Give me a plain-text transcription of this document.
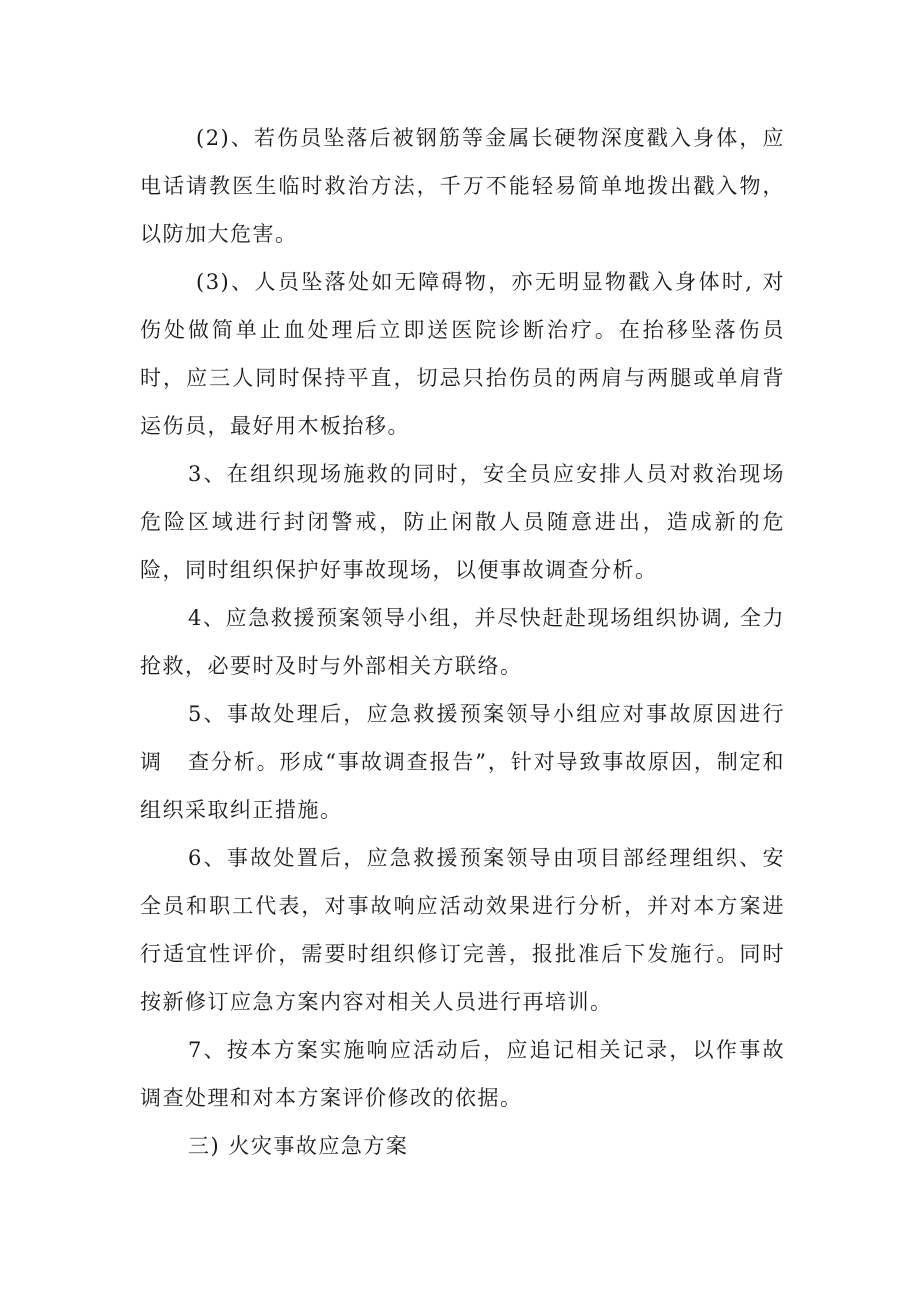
(2)、若伤员坠落后被钢筋等金属长硬物深度戳入身体，应电话请教医生临时救治方法，千万不能轻易简单地拨出戳入物，以防加大危害。

(3)、人员坠落处如无障碍物，亦无明显物戳入身体时, 对伤处做简单止血处理后立即送医院诊断治疗。在抬移坠落伤员时，应三人同时保持平直，切忌只抬伤员的两肩与两腿或单肩背运伤员，最好用木板抬移。

3、在组织现场施救的同时，安全员应安排人员对救治现场危险区域进行封闭警戒，防止闲散人员随意进出，造成新的危险，同时组织保护好事故现场，以便事故调查分析。

4、应急救援预案领导小组，并尽快赶赴现场组织协调, 全力抢救，必要时及时与外部相关方联络。

5、事故处理后，应急救援预案领导小组应对事故原因进行调	查分析。形成“事故调查报告”，针对导致事故原因，制定和组织采取纠正措施。

6、事故处置后，应急救援预案领导由项目部经理组织、安全员和职工代表，对事故响应活动效果进行分析，并对本方案进行适宜性评价，需要时组织修订完善，报批准后下发施行。同时按新修订应急方案内容对相关人员进行再培训。

7、按本方案实施响应活动后，应追记相关记录，以作事故调查处理和对本方案评价修改的依据。

三) 火灾事故应急方案
